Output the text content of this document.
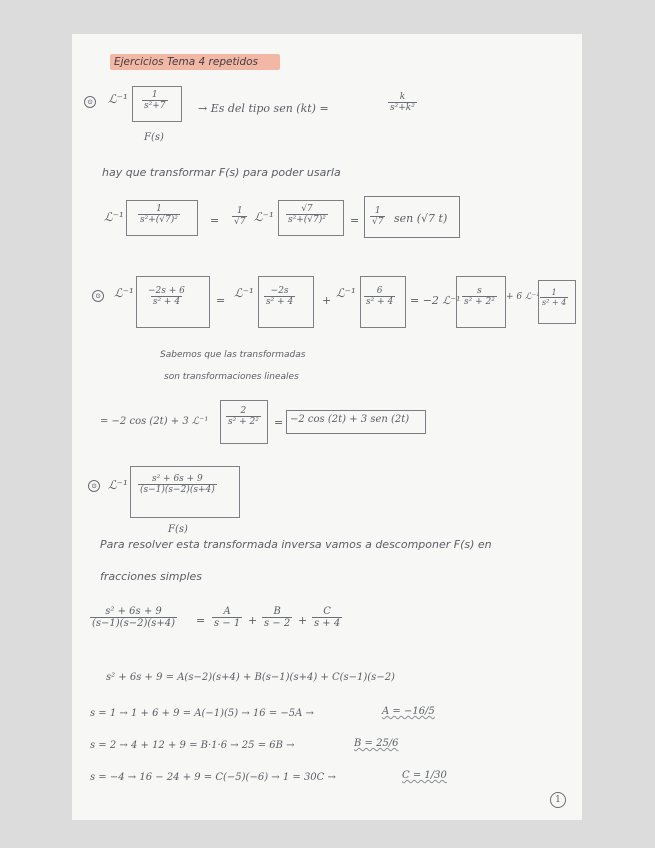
Ejercicios Tema 4 repetidos
⊙ ℒ⁻¹ $\frac{1}{\text{s²+7}}$
F(s)
→ Es del tipo sen (kt) =	$\frac{k}{\text{s²+k²}}$
hay que transformar F(s) para poder usarla
ℒ⁻¹ $\frac{1}{\text{s²+(√7)²}}$	= $\frac{1}{√7}$ ℒ⁻¹ $\frac{√7}{\text{s²+(√7)²}} = \frac{1}{√7}$ sen (√7 t)
⊙ ℒ⁻¹ $\frac{-2s + 6}{\text{s² + 4}}$	=
ℒ⁻¹ $\frac{-2s}{\text{s² + 4}}$ +
ℒ⁻¹ $\frac{6}{\text{s² + 4}} = -2$ ℒ⁻¹ $\frac{s}{\text{s² + 2²}} + 6$ ℒ⁻¹ $\frac{1}{\text{s² + 4}}$
Sabemos que las transformadas
son transformaciones lineales
= −2 cos (2t) + 3 ℒ⁻¹ $\frac{2}{\text{s² + 2²}} = -2$ cos (2t) + 3 sen (2t)
⊙ ℒ⁻¹ $\frac{\text{s² + 6s + 9}}{(s-1)(s-2)(s+4)}$
F(s)
Para resolver esta transformada inversa vamos a descomponer F(s) en
fracciones simples
$\frac{\text{s² + 6s + 9}}{(s-1)(s-2)(s+4)} = \frac{A}{s - 1} + \frac{B}{s - 2} + \frac{C}{s + 4}$
s² + 6s + 9 = A(s−2)(s+4) + B(s−1)(s+4) + C(s−1)(s−2)
s = 1 → 1 + 6 + 9 = A(−1)(5) → 16 = −5A →	A = −16/5
s = 2 → 4 + 12 + 9 = B·1·6 → 25 = 6B →	B = 25/6
s = −4 → 16 − 24 + 9 = C(−5)(−6) → 1 = 30C →	C = 1/30
1
